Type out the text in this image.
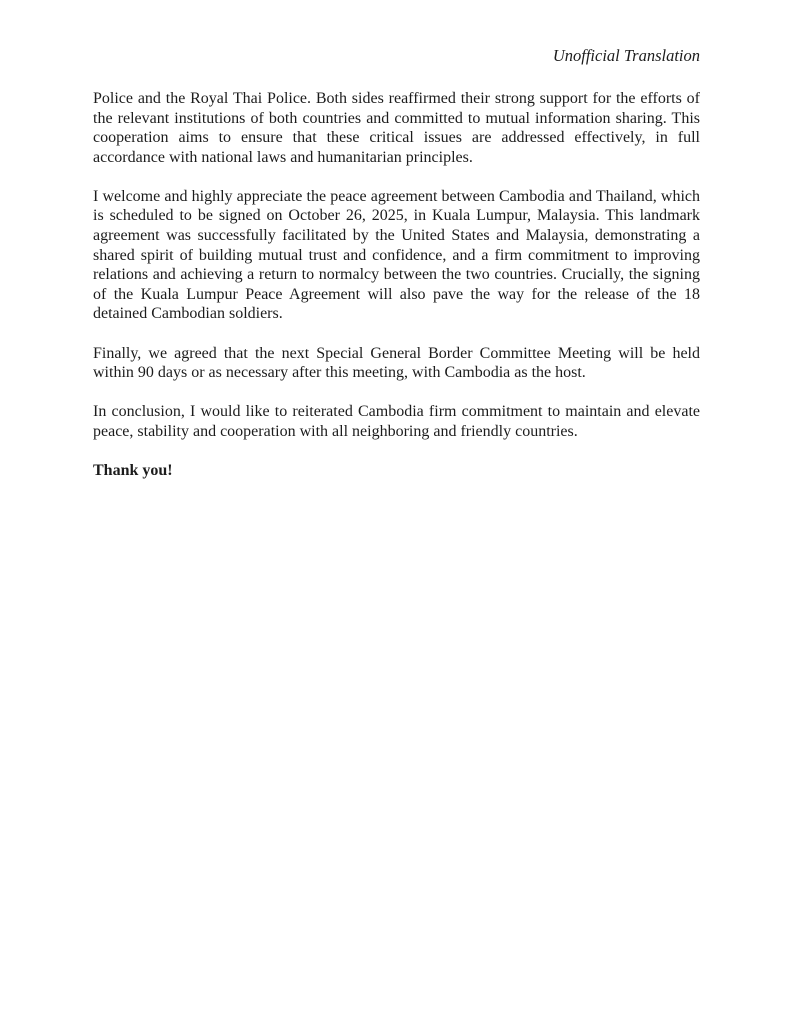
Unofficial Translation

Police and the Royal Thai Police. Both sides reaffirmed their strong support for the efforts of the relevant institutions of both countries and committed to mutual information sharing. This cooperation aims to ensure that these critical issues are addressed effectively, in full accordance with national laws and humanitarian principles.

I welcome and highly appreciate the peace agreement between Cambodia and Thailand, which is scheduled to be signed on October 26, 2025, in Kuala Lumpur, Malaysia. This landmark agreement was successfully facilitated by the United States and Malaysia, demonstrating a shared spirit of building mutual trust and confidence, and a firm commitment to improving relations and achieving a return to normalcy between the two countries. Crucially, the signing of the Kuala Lumpur Peace Agreement will also pave the way for the release of the 18 detained Cambodian soldiers.

Finally, we agreed that the next Special General Border Committee Meeting will be held within 90 days or as necessary after this meeting, with Cambodia as the host.

In conclusion, I would like to reiterated Cambodia firm commitment to maintain and elevate peace, stability and cooperation with all neighboring and friendly countries.

Thank you!
